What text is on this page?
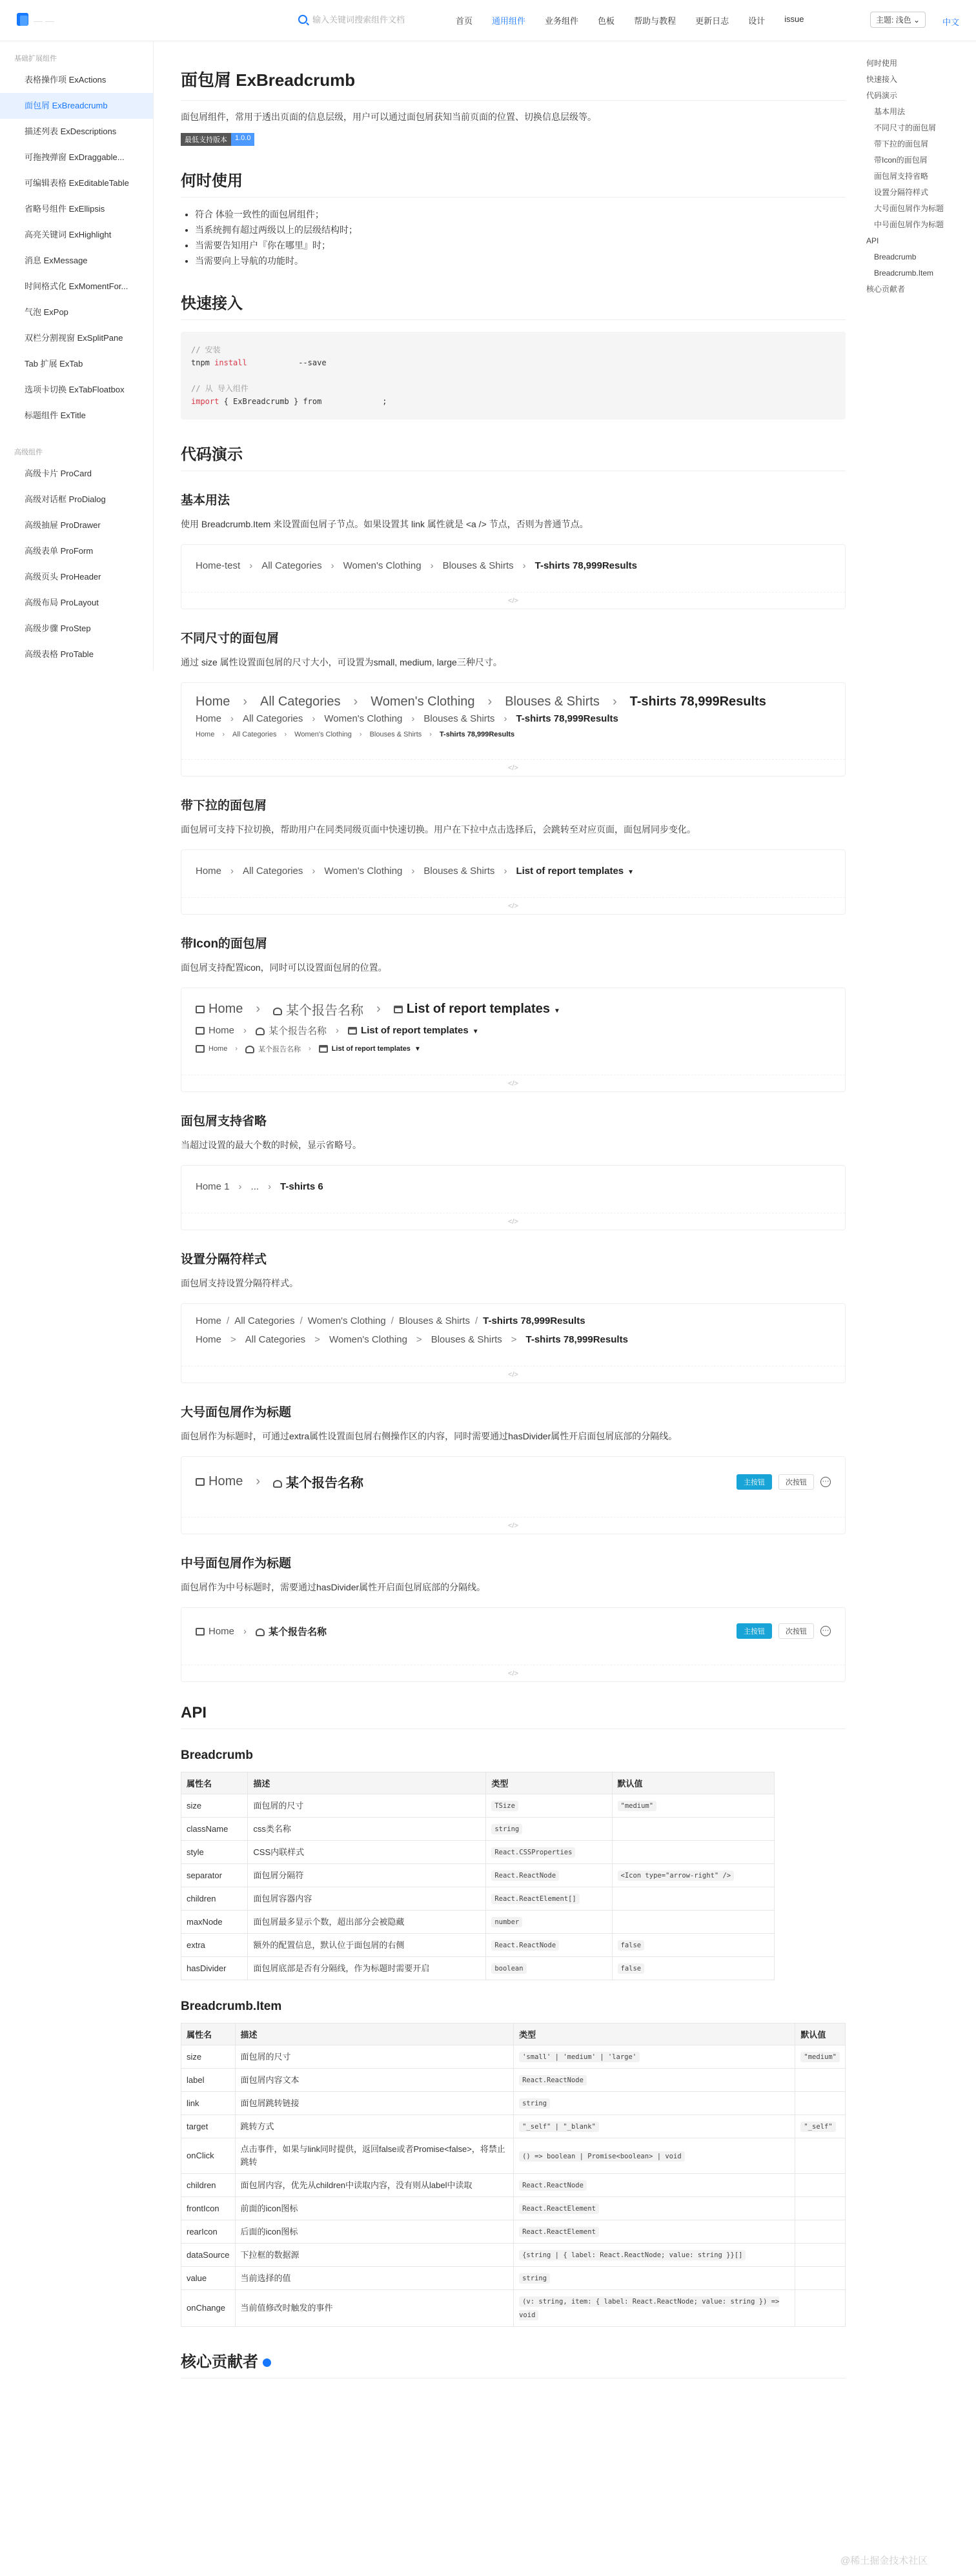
— —	输入关键词搜索组件文档	首页 通用组件 业务组件 色板 帮助与教程 更新日志 设计 issue	主题: 浅色 ⌄	中文
基础扩展组件
表格操作项 ExActions
面包屑 ExBreadcrumb
描述列表 ExDescriptions
可拖拽弹窗 ExDraggable...
可编辑表格 ExEditableTable
省略号组件 ExEllipsis
高亮关键词 ExHighlight
消息 ExMessage
时间格式化 ExMomentFor...
气泡 ExPop
双栏分割视窗 ExSplitPane
Tab 扩展 ExTab
选项卡切换 ExTabFloatbox
标题组件 ExTitle
高级组件
高级卡片 ProCard
高级对话框 ProDialog
高级抽屉 ProDrawer
高级表单 ProForm
高级页头 ProHeader
高级布局 ProLayout
高级步骤 ProStep
高级表格 ProTable
面包屑 ExBreadcrumb
面包屑组件，常用于透出页面的信息层级，用户可以通过面包屑获知当前页面的位置、切换信息层级等。
最低支持版本	1.0.0
何时使用
• 符合 体验一致性的面包屑组件；
• 当系统拥有超过两级以上的层级结构时；
• 当需要告知用户『你在哪里』时；
• 当需要向上导航的功能时。
快速接入
// 安装
tnpm install	--save

// 从 导入组件
import { ExBreadcrumb } from	;
代码演示
基本用法
使用 Breadcrumb.Item 来设置面包屑子节点。如果设置其 link 属性就是 <a /> 节点，否则为普通节点。
Home-test › All Categories › Women's Clothing › Blouses & Shirts › T-shirts 78,999Results
</>
不同尺寸的面包屑
通过 size 属性设置面包屑的尺寸大小，可设置为small, medium, large三种尺寸。
Home › All Categories › Women's Clothing › Blouses & Shirts › T-shirts 78,999Results
Home › All Categories › Women's Clothing › Blouses & Shirts › T-shirts 78,999Results
Home › All Categories › Women's Clothing › Blouses & Shirts › T-shirts 78,999Results
</>
带下拉的面包屑
面包屑可支持下拉切换，帮助用户在同类同级页面中快速切换。用户在下拉中点击选择后，会跳转至对应页面，面包屑同步变化。
Home › All Categories › Women's Clothing › Blouses & Shirts › List of report templates ▼
</>
带Icon的面包屑
面包屑支持配置icon，同时可以设置面包屑的位置。
Home ›	某个报告名称 ›	List of report templates ▼
Home ›	某个报告名称 ›	List of report templates ▼
Home ›	某个报告名称 ›	List of report templates ▼
</>
面包屑支持省略
当超过设置的最大个数的时候，显示省略号。
Home 1 › ... › T-shirts 6
</>
设置分隔符样式
面包屑支持设置分隔符样式。
Home / All Categories / Women's Clothing / Blouses & Shirts / T-shirts 78,999Results
Home > All Categories > Women's Clothing > Blouses & Shirts > T-shirts 78,999Results
</>
大号面包屑作为标题
面包屑作为标题时，可通过extra属性设置面包屑右侧操作区的内容，同时需要通过hasDivider属性开启面包屑底部的分隔线。
Home ›	某个报告名称	主按钮	次按钮	···
</>
中号面包屑作为标题
面包屑作为中号标题时，需要通过hasDivider属性开启面包屑底部的分隔线。
Home ›	某个报告名称	主按钮	次按钮	···
</>
API
Breadcrumb
属性名	描述	类型	默认值
size	面包屑的尺寸	TSize	"medium"
className	css类名称	string	
style	CSS内联样式	React.CSSProperties	
separator	面包屑分隔符	React.ReactNode	<Icon type="arrow-right" />
children	面包屑容器内容	React.ReactElement[]	
maxNode	面包屑最多显示个数，超出部分会被隐藏	number	
extra	额外的配置信息，默认位于面包屑的右侧	React.ReactNode	false
hasDivider	面包屑底部是否有分隔线，作为标题时需要开启	boolean	false
Breadcrumb.Item
属性名	描述	类型	默认值
size	面包屑的尺寸	'small' | 'medium' | 'large'	"medium"
label	面包屑内容文本	React.ReactNode	
link	面包屑跳转链接	string	
target	跳转方式	"_self" | "_blank"	"_self"
onClick	点击事件，如果与link同时提供，返回false或者Promise<false>，将禁止跳转	() => boolean | Promise<boolean> | void	
children	面包屑内容，优先从children中读取内容，没有则从label中读取	React.ReactNode	
frontIcon	前面的icon图标	React.ReactElement	
rearIcon	后面的icon图标	React.ReactElement	
dataSource	下拉框的数据源	{string | { label: React.ReactNode; value: string }}[]	
value	当前选择的值	string	
onChange	当前值修改时触发的事件	(v: string, item: { label: React.ReactNode; value: string }) => void	
核心贡献者
何时使用
快速接入
代码演示
基本用法
不同尺寸的面包屑
带下拉的面包屑
带Icon的面包屑
面包屑支持省略
设置分隔符样式
大号面包屑作为标题
中号面包屑作为标题
API
Breadcrumb
Breadcrumb.Item
核心贡献者
@稀土掘金技术社区
